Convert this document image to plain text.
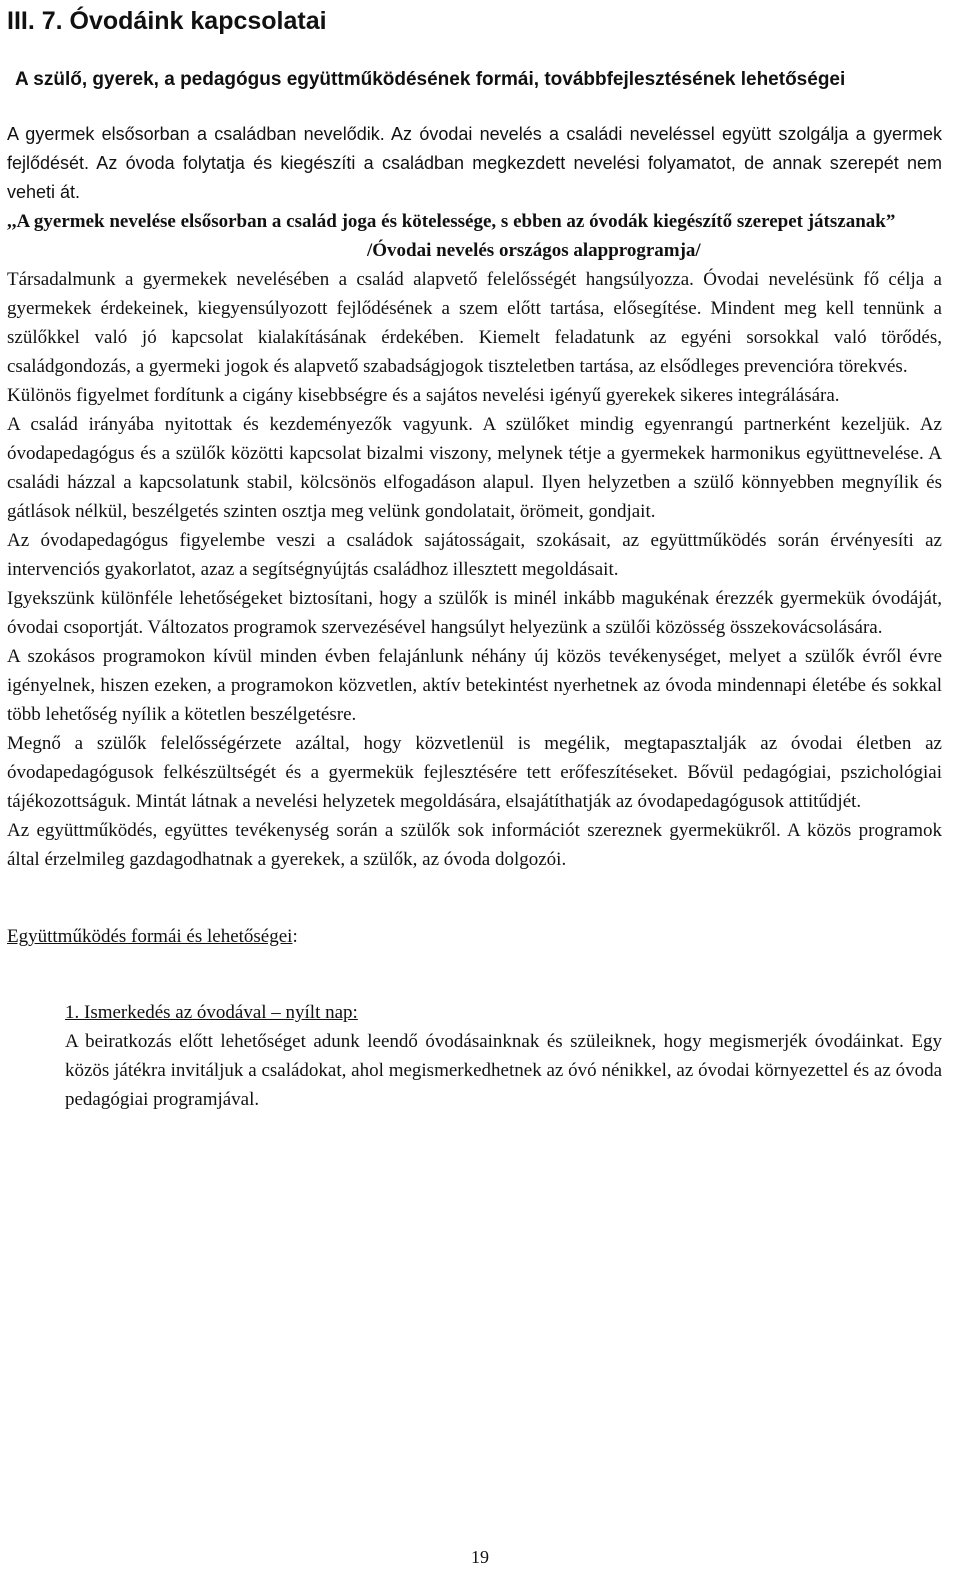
III. 7. Óvodáink kapcsolatai

A szülő, gyerek, a pedagógus együttműködésének formái, továbbfejlesztésének lehetőségei

A gyermek elsősorban a családban nevelődik. Az óvodai nevelés a családi neveléssel együtt szolgálja a gyermek fejlődését. Az óvoda folytatja és kiegészíti a családban megkezdett nevelési folyamatot, de annak szerepét nem veheti át.

,,A gyermek nevelése elsősorban a család joga és kötelessége, s ebben az óvodák kiegészítő szerepet játszanak”

/Óvodai nevelés országos alapprogramja/

Társadalmunk a gyermekek nevelésében a család alapvető felelősségét hangsúlyozza. Óvodai nevelésünk fő célja a gyermekek érdekeinek, kiegyensúlyozott fejlődésének a szem előtt tartása, elősegítése. Mindent meg kell tennünk a szülőkkel való jó kapcsolat kialakításának érdekében. Kiemelt feladatunk az egyéni sorsokkal való törődés, családgondozás, a gyermeki jogok és alapvető szabadságjogok tiszteletben tartása, az elsődleges prevencióra törekvés.

Különös figyelmet fordítunk a cigány kisebbségre és a sajátos nevelési igényű gyerekek sikeres integrálására.

A család irányába nyitottak és kezdeményezők vagyunk. A szülőket mindig egyenrangú partnerként kezeljük. Az óvodapedagógus és a szülők közötti kapcsolat bizalmi viszony, melynek tétje a gyermekek harmonikus együttnevelése. A családi házzal a kapcsolatunk stabil, kölcsönös elfogadáson alapul. Ilyen helyzetben a szülő könnyebben megnyílik és gátlások nélkül, beszélgetés szinten osztja meg velünk gondolatait, örömeit, gondjait.

Az óvodapedagógus figyelembe veszi a családok sajátosságait, szokásait, az együttműködés során érvényesíti az intervenciós gyakorlatot, azaz a segítségnyújtás családhoz illesztett megoldásait.

Igyekszünk különféle lehetőségeket biztosítani, hogy a szülők is minél inkább magukénak érezzék gyermekük óvodáját, óvodai csoportját. Változatos programok szervezésével hangsúlyt helyezünk a szülői közösség összekovácsolására.

A szokásos programokon kívül minden évben felajánlunk néhány új közös tevékenységet, melyet a szülők évről évre igényelnek, hiszen ezeken, a programokon közvetlen, aktív betekintést nyerhetnek az óvoda mindennapi életébe és sokkal több lehetőség nyílik a kötetlen beszélgetésre.

Megnő a szülők felelősségérzete azáltal, hogy közvetlenül is megélik, megtapasztalják az óvodai életben az óvodapedagógusok felkészültségét és a gyermekük fejlesztésére tett erőfeszítéseket. Bővül pedagógiai, pszichológiai tájékozottságuk. Mintát látnak a nevelési helyzetek megoldására, elsajátíthatják az óvodapedagógusok attitűdjét.

Az együttműködés, együttes tevékenység során a szülők sok információt szereznek gyermekükről. A közös programok által érzelmileg gazdagodhatnak a gyerekek, a szülők, az óvoda dolgozói.

Együttműködés formái és lehetőségei:

1. Ismerkedés az óvodával – nyílt nap:

A beiratkozás előtt lehetőséget adunk leendő óvodásainknak és szüleiknek, hogy megismerjék óvodáinkat. Egy közös játékra invitáljuk a családokat, ahol megismerkedhetnek az óvó nénikkel, az óvodai környezettel és az óvoda pedagógiai programjával.

19
